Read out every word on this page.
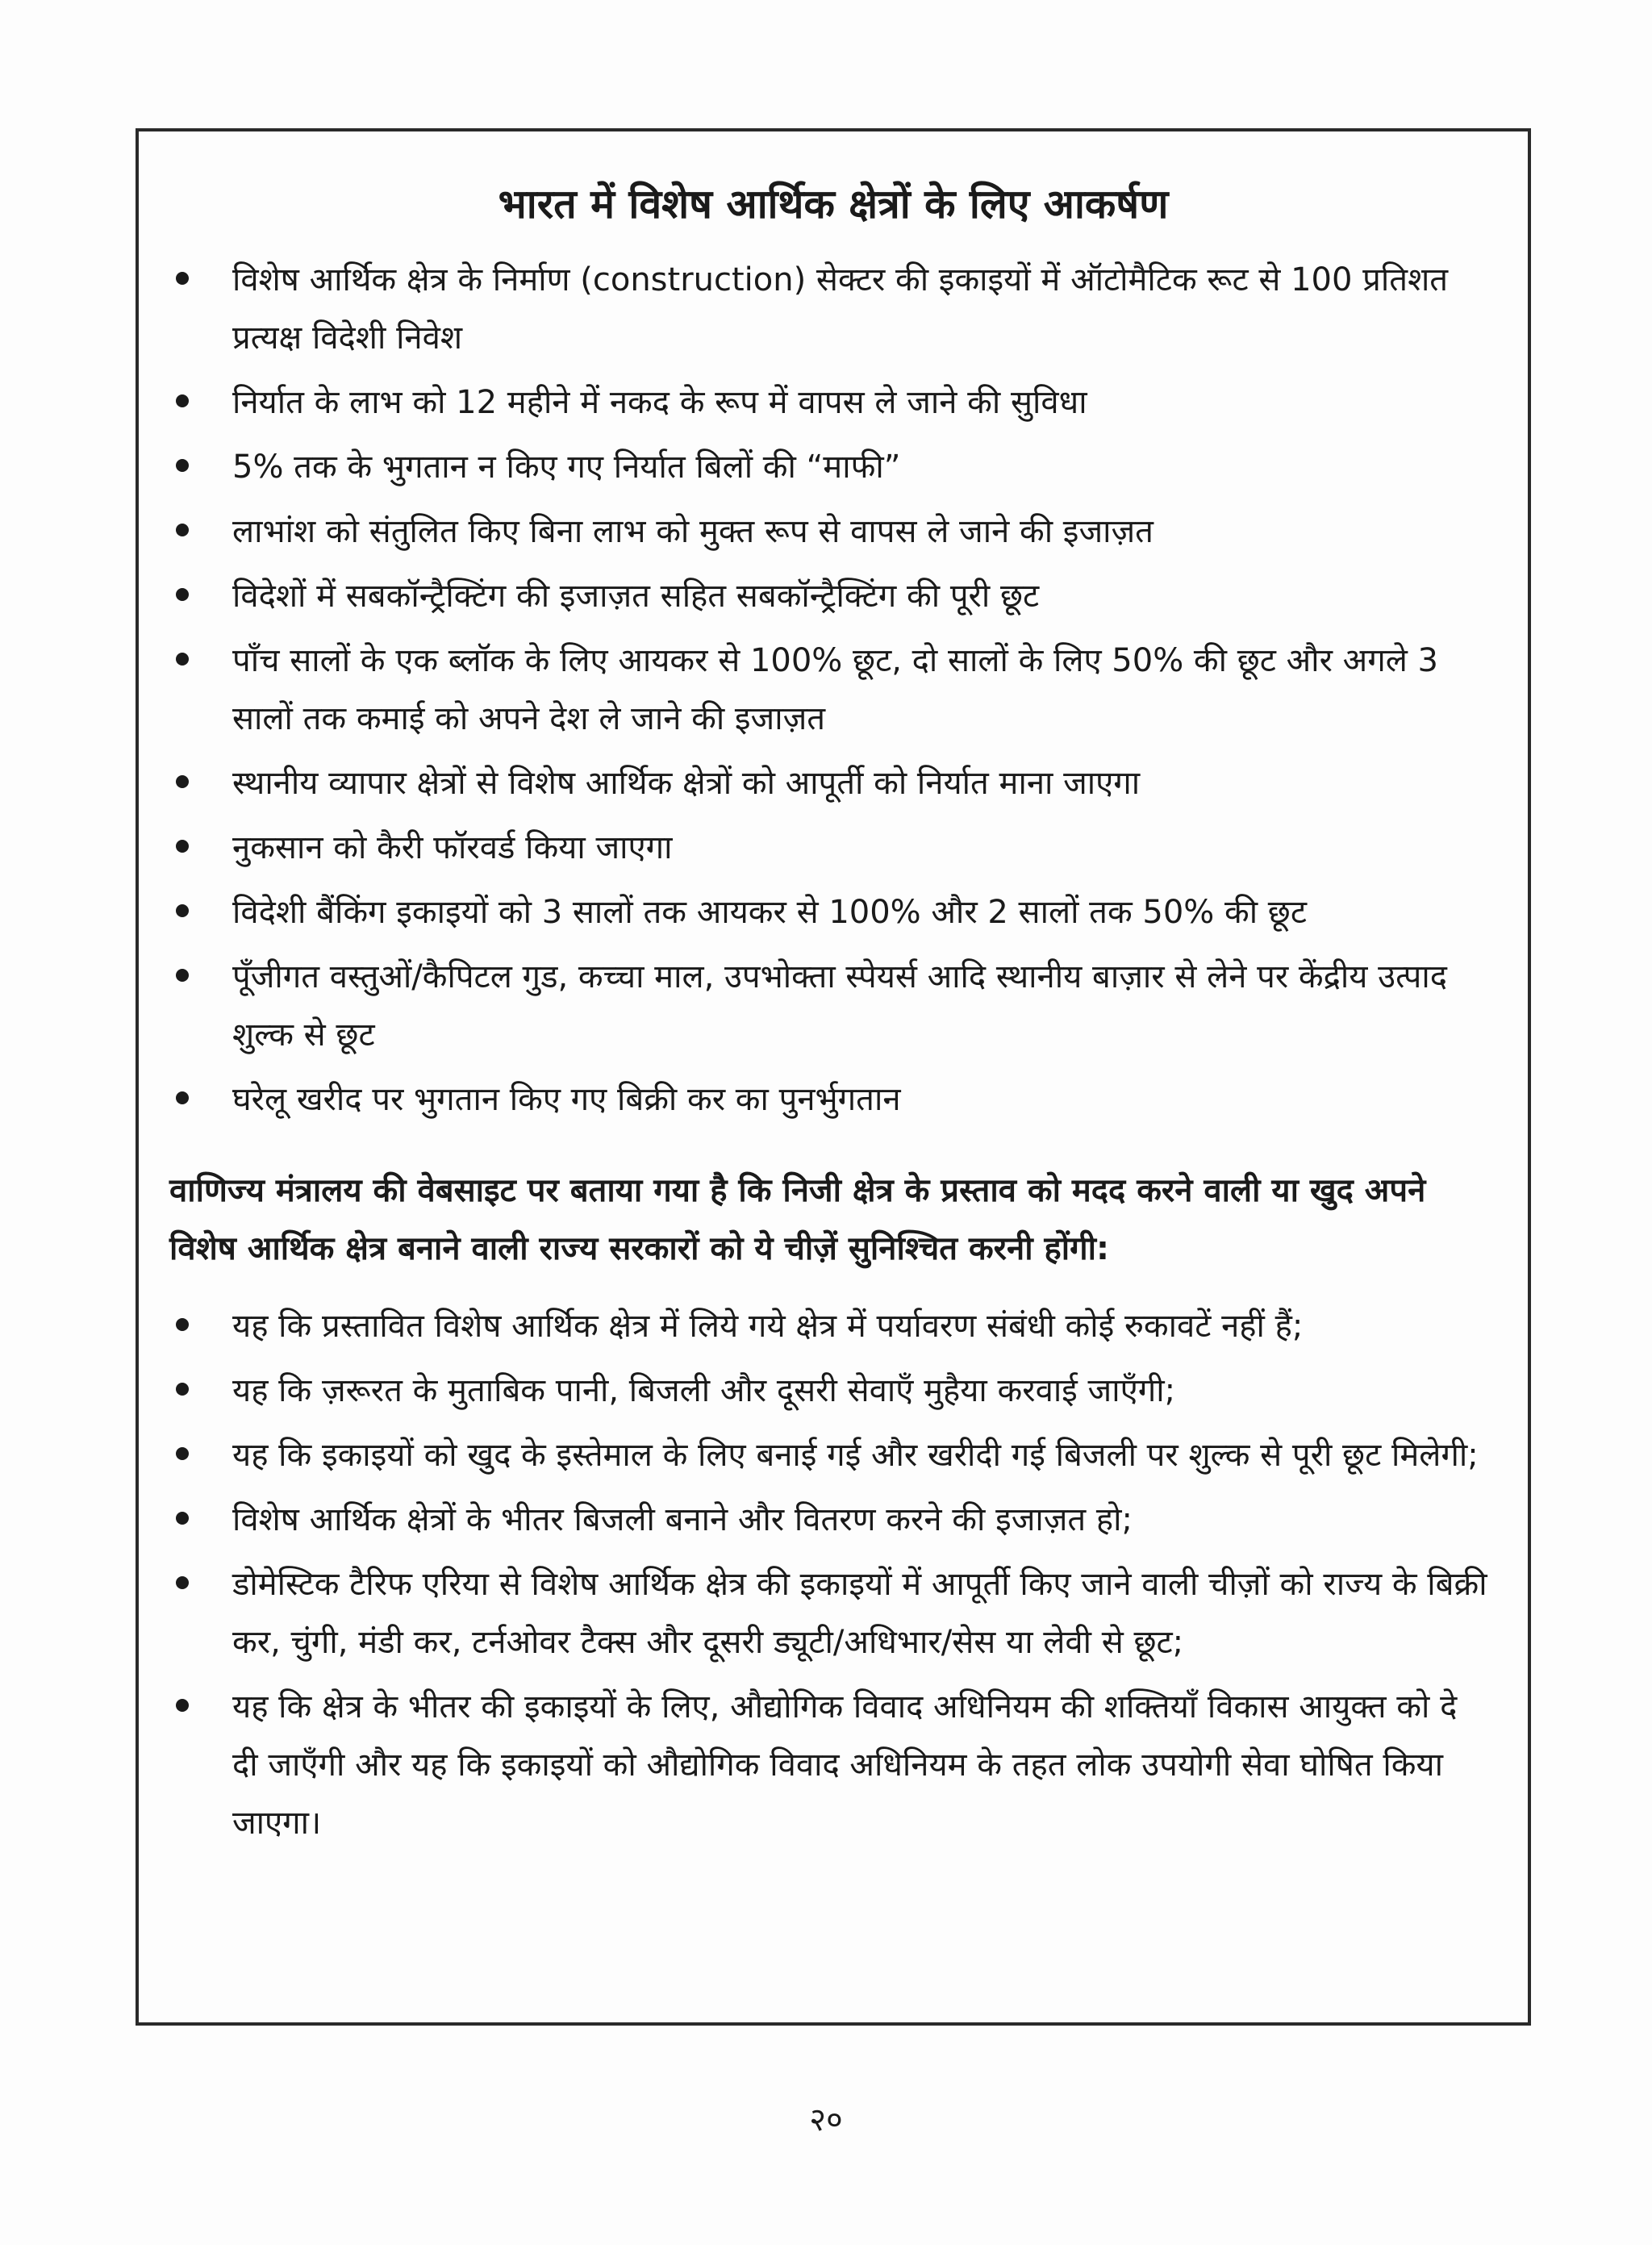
भारत में विशेष आर्थिक क्षेत्रों के लिए आकर्षण
विशेष आर्थिक क्षेत्र के निर्माण (construction) सेक्टर की इकाइयों में ऑटोमैटिक रूट से 100 प्रतिशत प्रत्यक्ष विदेशी निवेश
निर्यात के लाभ को 12 महीने में नकद के रूप में वापस ले जाने की सुविधा
5% तक के भुगतान न किए गए निर्यात बिलों की “माफी”
लाभांश को संतुलित किए बिना लाभ को मुक्त रूप से वापस ले जाने की इजाज़त
विदेशों में सबकॉन्ट्रैक्टिंग की इजाज़त सहित सबकॉन्ट्रैक्टिंग की पूरी छूट
पाँच सालों के एक ब्लॉक के लिए आयकर से 100% छूट, दो सालों के लिए 50% की छूट और अगले 3 सालों तक कमाई को अपने देश ले जाने की इजाज़त
स्थानीय व्यापार क्षेत्रों से विशेष आर्थिक क्षेत्रों को आपूर्ती को निर्यात माना जाएगा
नुकसान को कैरी फॉरवर्ड किया जाएगा
विदेशी बैंकिंग इकाइयों को 3 सालों तक आयकर से 100% और 2 सालों तक 50% की छूट
पूँजीगत वस्तुओं/कैपिटल गुड, कच्चा माल, उपभोक्ता स्पेयर्स आदि स्थानीय बाज़ार से लेने पर केंद्रीय उत्पाद शुल्क से छूट
घरेलू खरीद पर भुगतान किए गए बिक्री कर का पुनर्भुगतान

वाणिज्य मंत्रालय की वेबसाइट पर बताया गया है कि निजी क्षेत्र के प्रस्ताव को मदद करने वाली या खुद अपने विशेष आर्थिक क्षेत्र बनाने वाली राज्य सरकारों को ये चीज़ें सुनिश्चित करनी होंगी:

यह कि प्रस्तावित विशेष आर्थिक क्षेत्र में लिये गये क्षेत्र में पर्यावरण संबंधी कोई रुकावटें नहीं हैं;
यह कि ज़रूरत के मुताबिक पानी, बिजली और दूसरी सेवाएँ मुहैया करवाई जाएँगी;
यह कि इकाइयों को खुद के इस्तेमाल के लिए बनाई गई और खरीदी गई बिजली पर शुल्क से पूरी छूट मिलेगी;
विशेष आर्थिक क्षेत्रों के भीतर बिजली बनाने और वितरण करने की इजाज़त हो;
डोमेस्टिक टैरिफ एरिया से विशेष आर्थिक क्षेत्र की इकाइयों में आपूर्ती किए जाने वाली चीज़ों को राज्य के बिक्री कर, चुंगी, मंडी कर, टर्नओवर टैक्स और दूसरी ड्यूटी/अधिभार/सेस या लेवी से छूट;
यह कि क्षेत्र के भीतर की इकाइयों के लिए, औद्योगिक विवाद अधिनियम की शक्तियाँ विकास आयुक्त को दे दी जाएँगी और यह कि इकाइयों को औद्योगिक विवाद अधिनियम के तहत लोक उपयोगी सेवा घोषित किया जाएगा।
२०
